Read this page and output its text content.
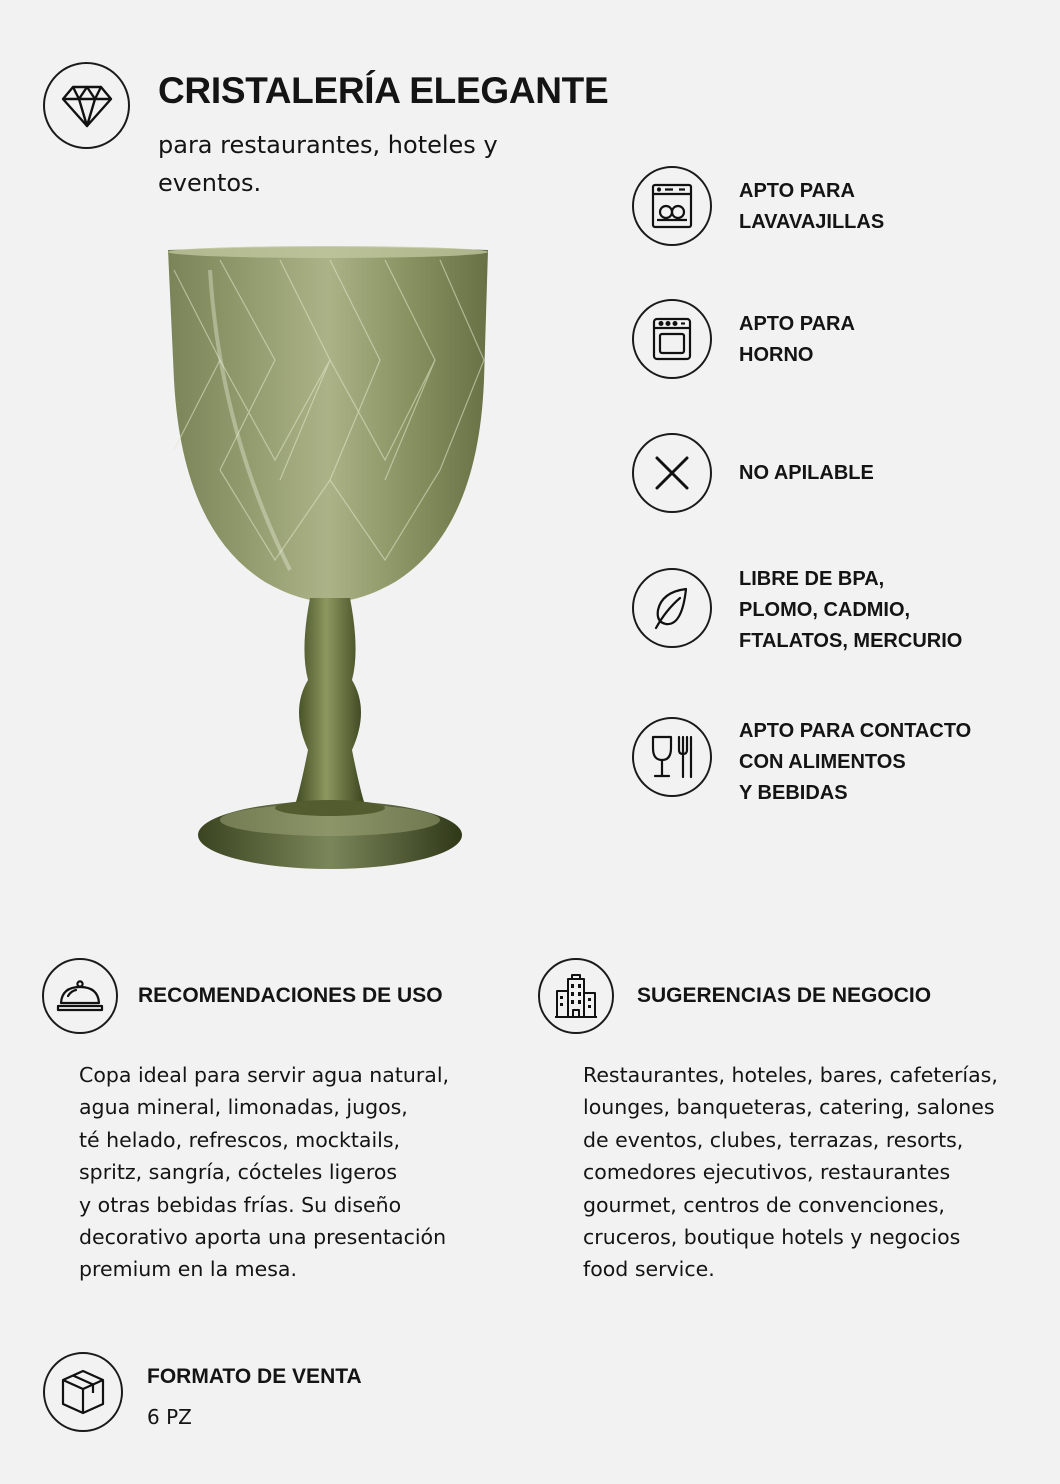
CRISTALERÍA ELEGANTE
para restaurantes, hoteles y eventos.	APTO PARA
LAVAVAJILLAS
APTO PARA
HORNO
NO APILABLE
LIBRE DE BPA,
PLOMO, CADMIO,
FTALATOS, MERCURIO
APTO PARA CONTACTO
CON ALIMENTOS
Y BEBIDAS
RECOMENDACIONES DE USO
Copa ideal para servir agua natural,
agua mineral, limonadas, jugos,
té helado, refrescos, mocktails,
spritz, sangría, cócteles ligeros
y otras bebidas frías. Su diseño
decorativo aporta una presentación
premium en la mesa.
SUGERENCIAS DE NEGOCIO
Restaurantes, hoteles, bares, cafeterías,
lounges, banqueteras, catering, salones
de eventos, clubes, terrazas, resorts,
comedores ejecutivos, restaurantes
gourmet, centros de convenciones,
cruceros, boutique hotels y negocios
food service.
FORMATO DE VENTA
6 PZ
